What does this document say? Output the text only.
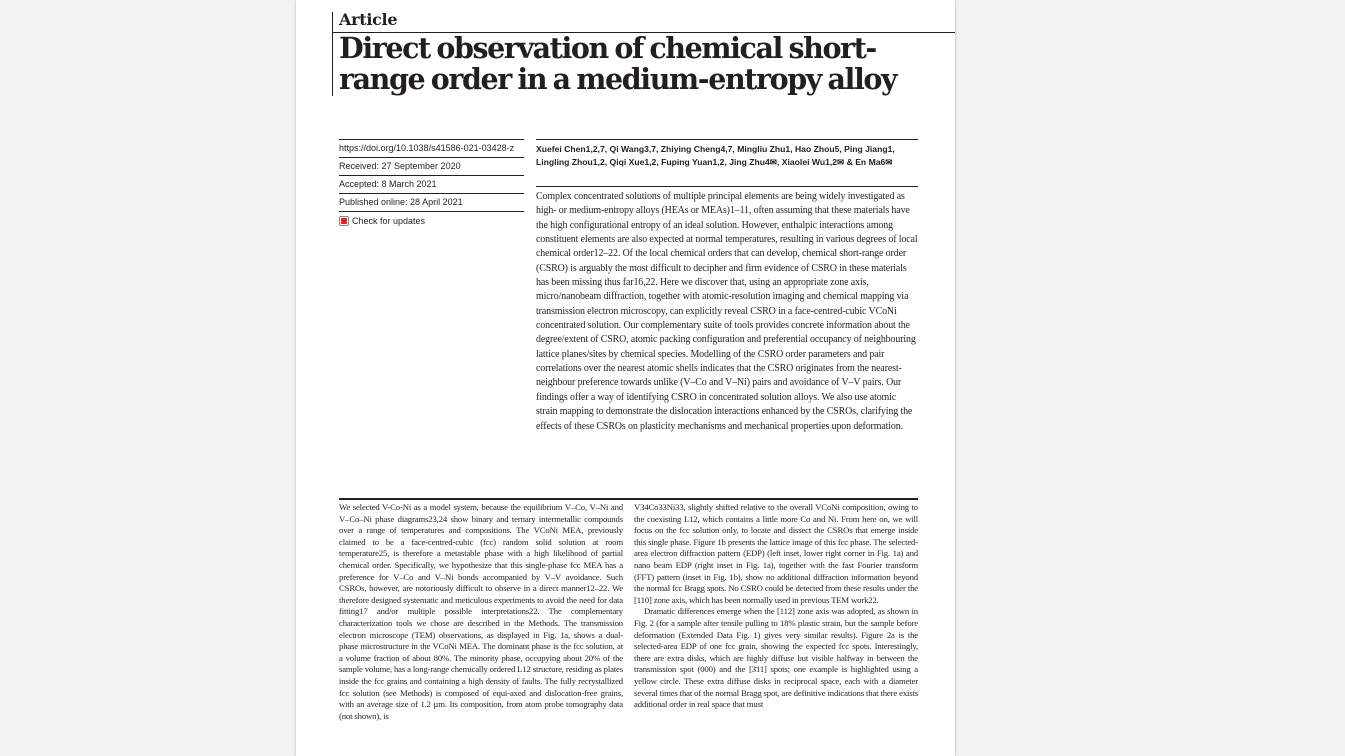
Article
Direct observation of chemical short-range order in a medium-entropy alloy
https://doi.org/10.1038/s41586-021-03428-z
Received: 27 September 2020
Accepted: 8 March 2021
Published online: 28 April 2021
Check for updates
Xuefei Chen1,2,7, Qi Wang3,7, Zhiying Cheng4,7, Mingliu Zhu1, Hao Zhou5, Ping Jiang1, Lingling Zhou1,2, Qiqi Xue1,2, Fuping Yuan1,2, Jing Zhu4✉, Xiaolei Wu1,2✉ & En Ma6✉

Complex concentrated solutions of multiple principal elements are being widely investigated as high- or medium-entropy alloys (HEAs or MEAs)1–11, often assuming that these materials have the high configurational entropy of an ideal solution. However, enthalpic interactions among constituent elements are also expected at normal temperatures, resulting in various degrees of local chemical order12–22. Of the local chemical orders that can develop, chemical short-range order (CSRO) is arguably the most difficult to decipher and firm evidence of CSRO in these materials has been missing thus far16,22. Here we discover that, using an appropriate zone axis, micro/nanobeam diffraction, together with atomic-resolution imaging and chemical mapping via transmission electron microscopy, can explicitly reveal CSRO in a face-centred-cubic VCoNi concentrated solution. Our complementary suite of tools provides concrete information about the degree/extent of CSRO, atomic packing configuration and preferential occupancy of neighbouring lattice planes/sites by chemical species. Modelling of the CSRO order parameters and pair correlations over the nearest atomic shells indicates that the CSRO originates from the nearest-neighbour preference towards unlike (V–Co and V–Ni) pairs and avoidance of V–V pairs. Our findings offer a way of identifying CSRO in concentrated solution alloys. We also use atomic strain mapping to demonstrate the dislocation interactions enhanced by the CSROs, clarifying the effects of these CSROs on plasticity mechanisms and mechanical properties upon deformation.

We selected V-Co-Ni as a model system, because the equilibrium V–Co, V–Ni and V–Co–Ni phase diagrams23,24 show binary and ternary intermetallic compounds over a range of temperatures and compositions. The VCoNi MEA, previously claimed to be a face-centred-cubic (fcc) random solid solution at room temperature25, is therefore a metastable phase with a high likelihood of partial chemical order. Specifically, we hypothesize that this single-phase fcc MEA has a preference for V–Co and V–Ni bonds accompanied by V–V avoidance. Such CSROs, however, are notoriously difficult to observe in a direct manner12–22. We therefore designed systematic and meticulous experiments to avoid the need for data fitting17 and/or multiple possible interpretations22. The complementary characterization tools we chose are described in the Methods. The transmission electron microscope (TEM) observations, as displayed in Fig. 1a, shows a dual-phase microstructure in the VCoNi MEA. The dominant phase is the fcc solution, at a volume fraction of about 80%. The minority phase, occupying about 20% of the sample volume, has a long-range chemically ordered L12 structure, residing as plates inside the fcc grains and containing a high density of faults. The fully recrystallized fcc solution (see Methods) is composed of equi-axed and dislocation-free grains, with an average size of 1.2 µm. Its composition, from atom probe tomography data (not shown), is

V34Co33Ni33, slightly shifted relative to the overall VCoNi composition, owing to the coexisting L12, which contains a little more Co and Ni. From here on, we will focus on the fcc solution only, to locate and dissect the CSROs that emerge inside this single phase. Figure 1b presents the lattice image of this fcc phase. The selected-area electron diffraction pattern (EDP) (left inset, lower right corner in Fig. 1a) and nano beam EDP (right inset in Fig. 1a), together with the fast Fourier transform (FFT) pattern (inset in Fig. 1b), show no additional diffraction information beyond the normal fcc Bragg spots. No CSRO could be detected from these results under the [110] zone axis, which has been normally used in previous TEM work22.

Dramatic differences emerge when the [112] zone axis was adopted, as shown in Fig. 2 (for a sample after tensile pulling to 18% plastic strain, but the sample before deformation (Extended Data Fig. 1) gives very similar results). Figure 2a is the selected-area EDP of one fcc grain, showing the expected fcc spots. Interestingly, there are extra disks, which are highly diffuse but visible halfway in between the transmission spot (000) and the [3̄11] spots; one example is highlighted using a yellow circle. These extra diffuse disks in reciprocal space, each with a diameter several times that of the normal Bragg spot, are definitive indications that there exists additional order in real space that must
